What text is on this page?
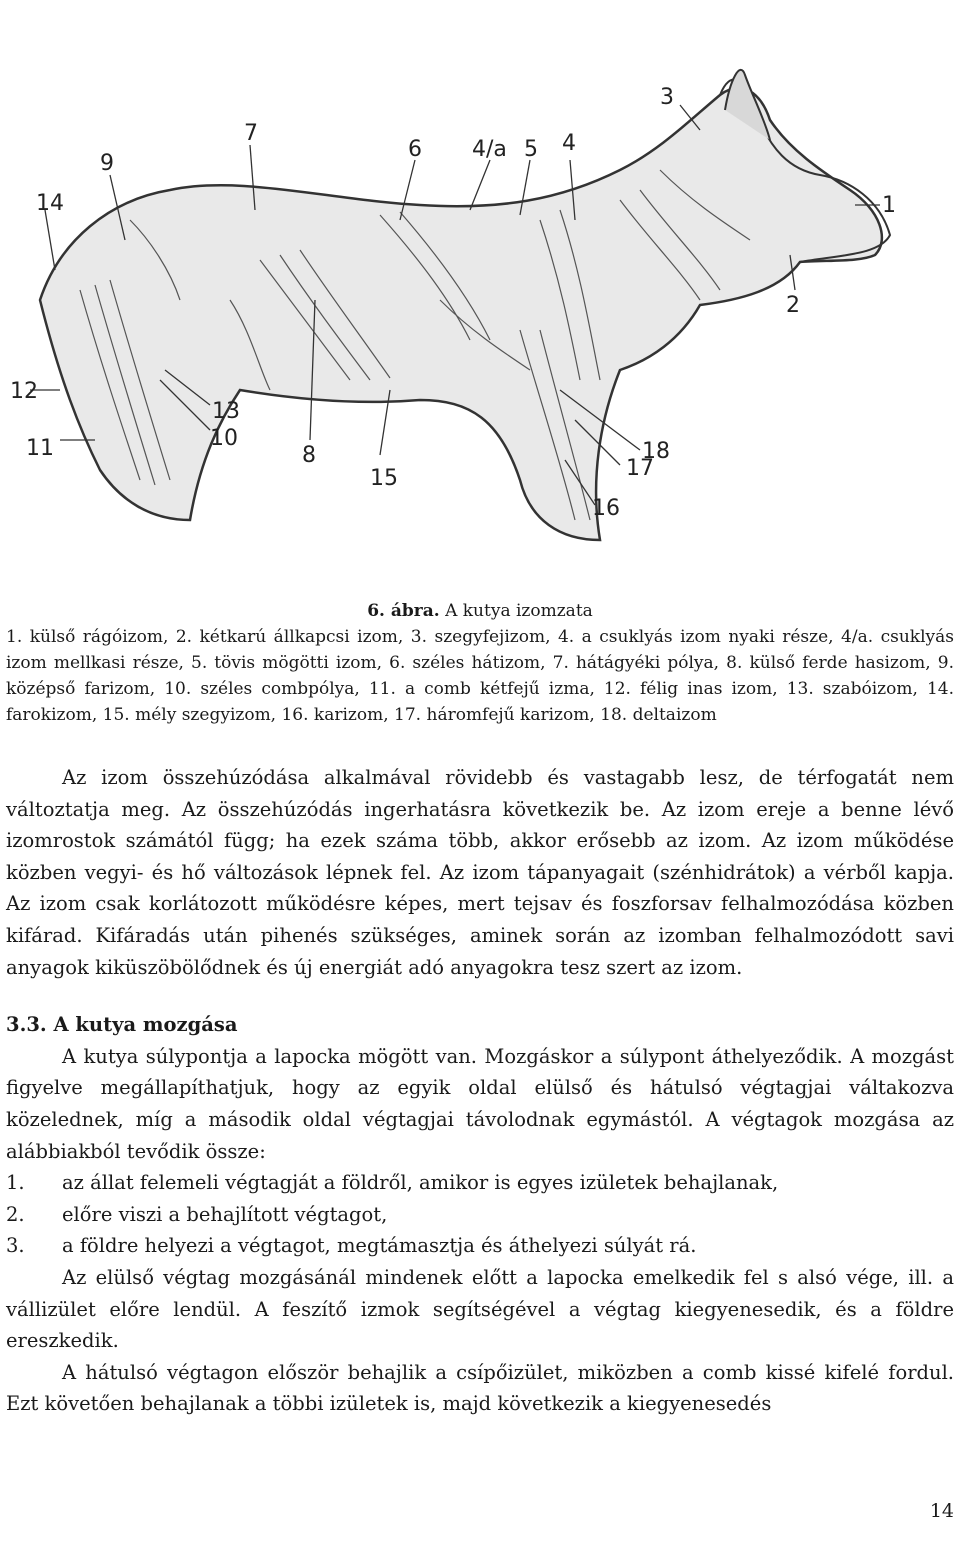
1
2
3
4
4/a 5
6
7
8
9
10
11
12
13
14
15
16
17
18
6. ábra. A kutya izomzata
1. külső rágóizom, 2. kétkarú állkapcsi izom, 3. szegyfejizom, 4. a csuklyás izom nyaki része, 4/a. csuklyás izom mellkasi része, 5. tövis mögötti izom, 6. széles hátizom, 7. hátágyéki pólya, 8. külső ferde hasizom, 9. középső farizom, 10. széles combpólya, 11. a comb kétfejű izma, 12. félig inas izom, 13. szabóizom, 14. farokizom, 15. mély szegyizom, 16. karizom, 17. háromfejű karizom, 18. deltaizom

Az izom összehúzódása alkalmával rövidebb és vastagabb lesz, de térfogatát nem változtatja meg. Az összehúzódás ingerhatásra következik be. Az izom ereje a benne lévő izomrostok számától függ; ha ezek száma több, akkor erősebb az izom. Az izom működése közben vegyi- és hő változások lépnek fel. Az izom tápanyagait (szénhidrátok) a vérből kapja. Az izom csak korlátozott működésre képes, mert tejsav és foszforsav felhalmozódása közben kifárad. Kifáradás után pihenés szükséges, aminek során az izomban felhalmozódott savi anyagok kiküszöbölődnek és új energiát adó anyagokra tesz szert az izom.

3.3. A kutya mozgása

A kutya súlypontja a lapocka mögött van. Mozgáskor a súlypont áthelyeződik. A mozgást figyelve megállapíthatjuk, hogy az egyik oldal elülső és hátulsó végtagjai váltakozva közelednek, míg a második oldal végtagjai távolodnak egymástól. A végtagok mozgása az alábbiakból tevődik össze:

1.	az állat felemeli végtagját a földről, amikor is egyes izületek behajlanak,
2.	előre viszi a behajlított végtagot,
3.	a földre helyezi a végtagot, megtámasztja és áthelyezi súlyát rá.

Az elülső végtag mozgásánál mindenek előtt a lapocka emelkedik fel s alsó vége, ill. a vállizület előre lendül. A feszítő izmok segítségével a végtag kiegyenesedik, és a földre ereszkedik.

A hátulsó végtagon először behajlik a csípőizület, miközben a comb kissé kifelé fordul. Ezt követően behajlanak a többi izületek is, majd következik a kiegyenesedés

14
